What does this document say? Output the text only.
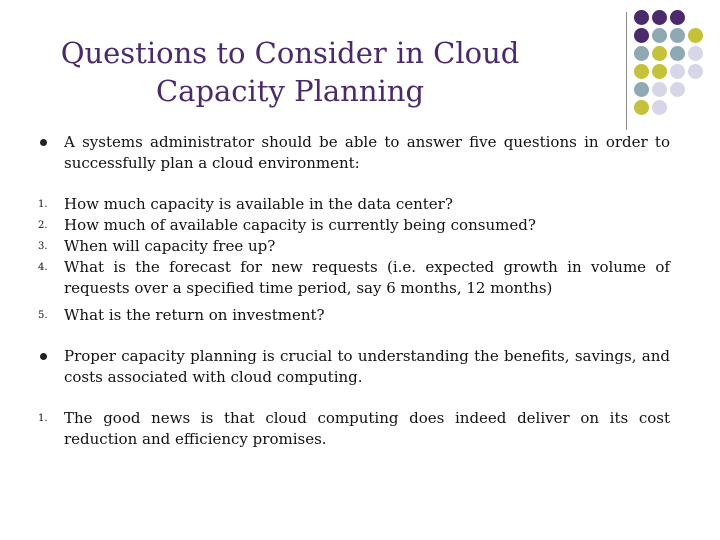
Questions to Consider in Cloud
Capacity Planning
A systems administrator should be able to answer five questions in order to successfully plan a cloud environment:
1.	How much capacity is available in the data center?
2.	How much of available capacity is currently being consumed?
3.	When will capacity free up?
4.	What is the forecast for new requests (i.e. expected growth in volume of requests over a specified time period, say 6 months, 12 months)
5.	What is the return on investment?
Proper capacity planning is crucial to understanding the benefits, savings, and costs associated with cloud computing.
1.	The good news is that cloud computing does indeed deliver on its cost reduction and efficiency promises.
